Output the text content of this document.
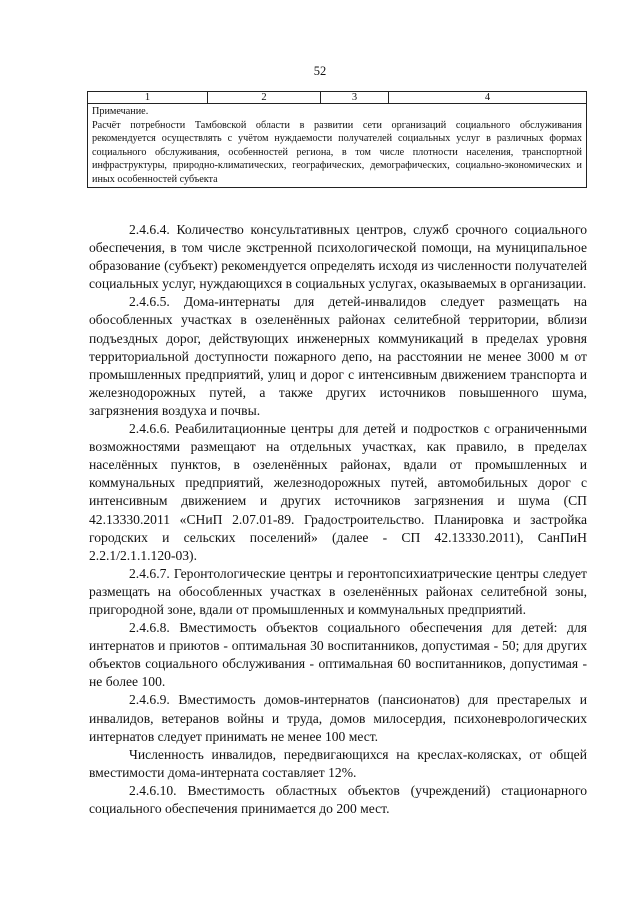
52
1	2	3	4

Примечание.

Расчёт потребности Тамбовской области в развитии сети организаций социального обслуживания рекомендуется осуществлять с учётом нуждаемости получателей социальных услуг в различных формах социального обслуживания, особенностей региона, в том числе плотности населения, транспортной инфраструктуры, природно-климатических, географических, демографических, социально-экономических и иных особенностей субъекта

2.4.6.4. Количество консультативных центров, служб срочного социального обеспечения, в том числе экстренной психологической помощи, на муниципальное образование (субъект) рекомендуется определять исходя из численности получателей социальных услуг, нуждающихся в социальных услугах, оказываемых в организации.

2.4.6.5. Дома-интернаты для детей-инвалидов следует размещать на обособленных участках в озеленённых районах селитебной территории, вблизи подъездных дорог, действующих инженерных коммуникаций в пределах уровня территориальной доступности пожарного депо, на расстоянии не менее 3000 м от промышленных предприятий, улиц и дорог с интенсивным движением транспорта и железнодорожных путей, а также других источников повышенного шума, загрязнения воздуха и почвы.

2.4.6.6. Реабилитационные центры для детей и подростков с ограниченными возможностями размещают на отдельных участках, как правило, в пределах населённых пунктов, в озеленённых районах, вдали от промышленных и коммунальных предприятий, железнодорожных путей, автомобильных дорог с интенсивным движением и других источников загрязнения и шума (СП 42.13330.2011 «СНиП 2.07.01-89. Градостроительство. Планировка и застройка городских и сельских поселений» (далее - СП 42.13330.2011), СанПиН 2.2.1/2.1.1.120-03).

2.4.6.7. Геронтологические центры и геронтопсихиатрические центры следует размещать на обособленных участках в озеленённых районах селитебной зоны, пригородной зоне, вдали от промышленных и коммунальных предприятий.

2.4.6.8. Вместимость объектов социального обеспечения для детей: для интернатов и приютов - оптимальная 30 воспитанников, допустимая - 50; для других объектов социального обслуживания - оптимальная 60 воспитанников, допустимая - не более 100.

2.4.6.9. Вместимость домов-интернатов (пансионатов) для престарелых и инвалидов, ветеранов войны и труда, домов милосердия, психоневрологических интернатов следует принимать не менее 100 мест.

Численность инвалидов, передвигающихся на креслах-колясках, от общей вместимости дома-интерната составляет 12%.

2.4.6.10. Вместимость областных объектов (учреждений) стационарного социального обеспечения принимается до 200 мест.
